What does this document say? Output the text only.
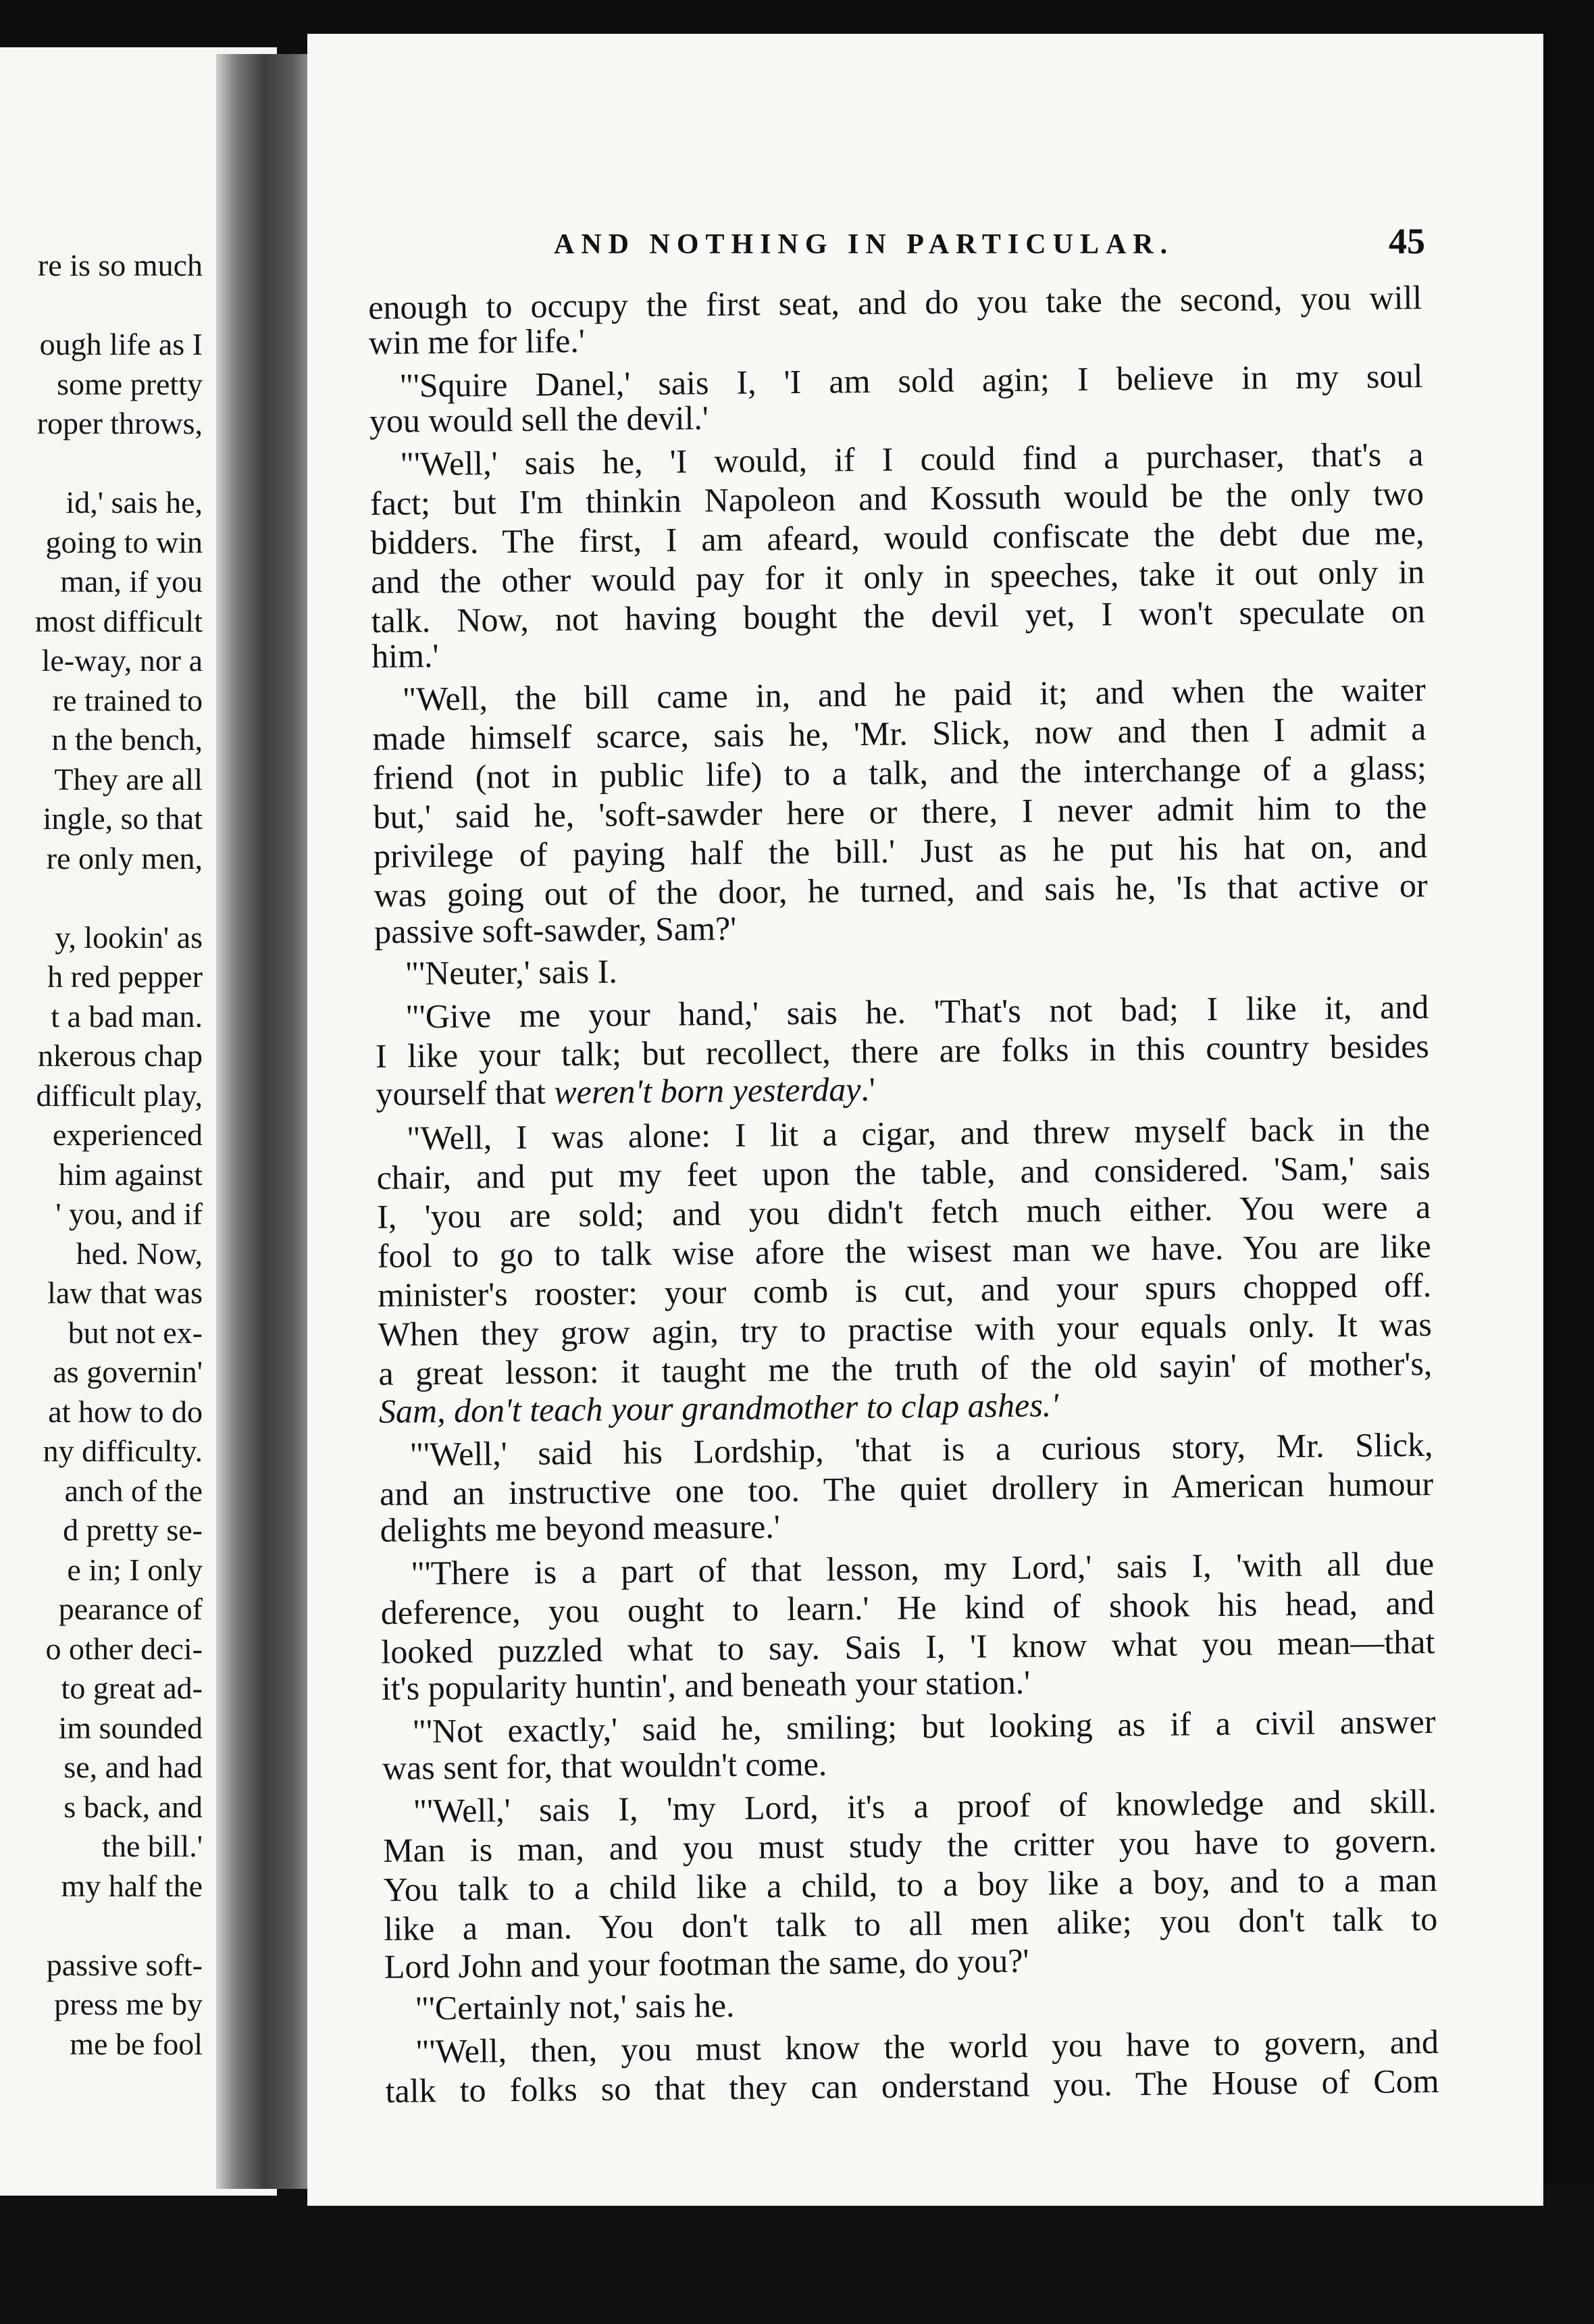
re is so much
ough life as I
some pretty
roper throws,
id,' sais he,
going to win
man, if you
most difficult
le-way, nor a
re trained to
n the bench,
They are all
ingle, so that
re only men,
y, lookin' as
h red pepper
t a bad man.
nkerous chap
difficult play,
experienced
him against
' you, and if
hed. Now,
law that was
but not ex-
as governin'
at how to do
ny difficulty.
anch of the
d pretty se-
e in; I only
pearance of
o other deci-
to great ad-
im sounded
se, and had
s back, and
the bill.'
my half the
passive soft-
press me by
me be fool
AND NOTHING IN PARTICULAR.	45
enough to occupy the first seat, and do you take the second, you will
win me for life.'
"'Squire Danel,' sais I, 'I am sold agin; I believe in my soul
you would sell the devil.'
"'Well,' sais he, 'I would, if I could find a purchaser, that's a
fact; but I'm thinkin Napoleon and Kossuth would be the only two
bidders. The first, I am afeard, would confiscate the debt due me,
and the other would pay for it only in speeches, take it out only in
talk. Now, not having bought the devil yet, I won't speculate on
him.'
"Well, the bill came in, and he paid it; and when the waiter
made himself scarce, sais he, 'Mr. Slick, now and then I admit a
friend (not in public life) to a talk, and the interchange of a glass;
but,' said he, 'soft-sawder here or there, I never admit him to the
privilege of paying half the bill.' Just as he put his hat on, and
was going out of the door, he turned, and sais he, 'Is that active or
passive soft-sawder, Sam?'
"'Neuter,' sais I.
"'Give me your hand,' sais he. 'That's not bad; I like it, and
I like your talk; but recollect, there are folks in this country besides
yourself that weren't born yesterday.'
"Well, I was alone: I lit a cigar, and threw myself back in the
chair, and put my feet upon the table, and considered. 'Sam,' sais
I, 'you are sold; and you didn't fetch much either. You were a
fool to go to talk wise afore the wisest man we have. You are like
minister's rooster: your comb is cut, and your spurs chopped off.
When they grow agin, try to practise with your equals only. It was
a great lesson: it taught me the truth of the old sayin' of mother's,
Sam, don't teach your grandmother to clap ashes.'
"'Well,' said his Lordship, 'that is a curious story, Mr. Slick,
and an instructive one too. The quiet drollery in American humour
delights me beyond measure.'
"'There is a part of that lesson, my Lord,' sais I, 'with all due
deference, you ought to learn.' He kind of shook his head, and
looked puzzled what to say. Sais I, 'I know what you mean—that
it's popularity huntin', and beneath your station.'
"'Not exactly,' said he, smiling; but looking as if a civil answer
was sent for, that wouldn't come.
"'Well,' sais I, 'my Lord, it's a proof of knowledge and skill.
Man is man, and you must study the critter you have to govern.
You talk to a child like a child, to a boy like a boy, and to a man
like a man. You don't talk to all men alike; you don't talk to
Lord John and your footman the same, do you?'
"'Certainly not,' sais he.
"'Well, then, you must know the world you have to govern, and
talk to folks so that they can onderstand you. The House of Com
